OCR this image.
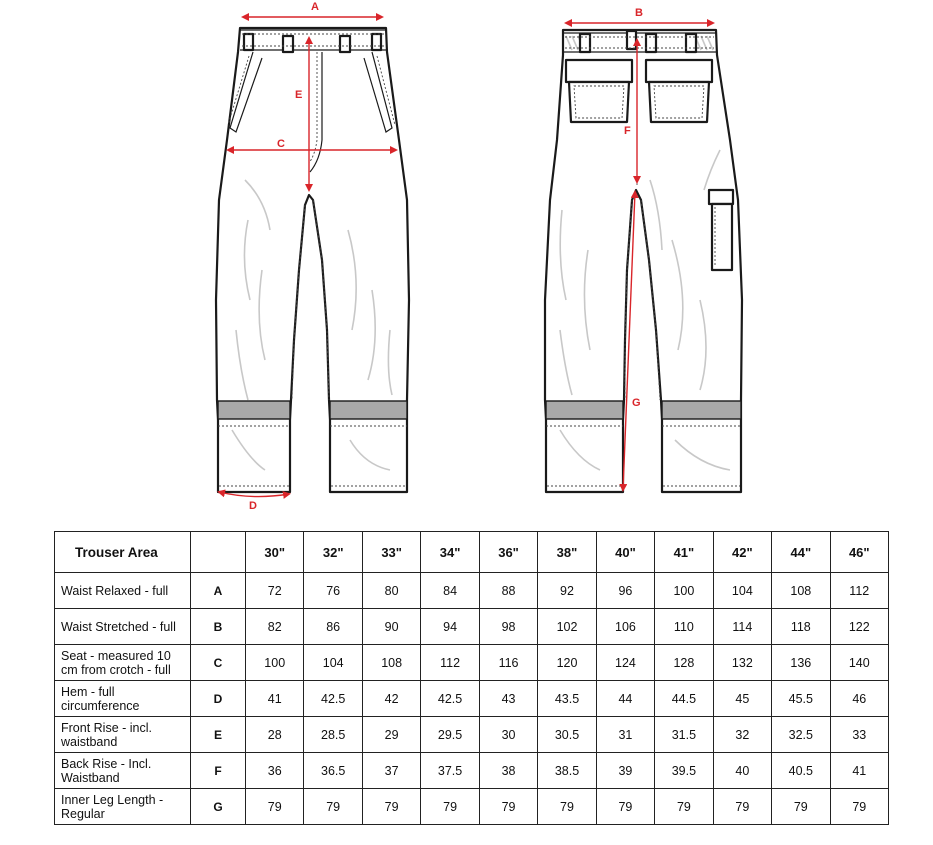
A
E
C
D
B
F
G
Trouser Area		30"	32"	33"	34"	36"	38"	40"	41"	42"	44"	46"
Waist Relaxed - full	A	72	76	80	84	88	92	96	100	104	108	112
Waist Stretched - full	B	82	86	90	94	98	102	106	110	114	118	122
Seat - measured 10 cm from crotch - full	C	100	104	108	112	116	120	124	128	132	136	140
Hem - full circumference	D	41	42.5	42	42.5	43	43.5	44	44.5	45	45.5	46
Front Rise - incl. waistband	E	28	28.5	29	29.5	30	30.5	31	31.5	32	32.5	33
Back Rise - Incl. Waistband	F	36	36.5	37	37.5	38	38.5	39	39.5	40	40.5	41
Inner Leg Length - Regular	G	79	79	79	79	79	79	79	79	79	79	79
